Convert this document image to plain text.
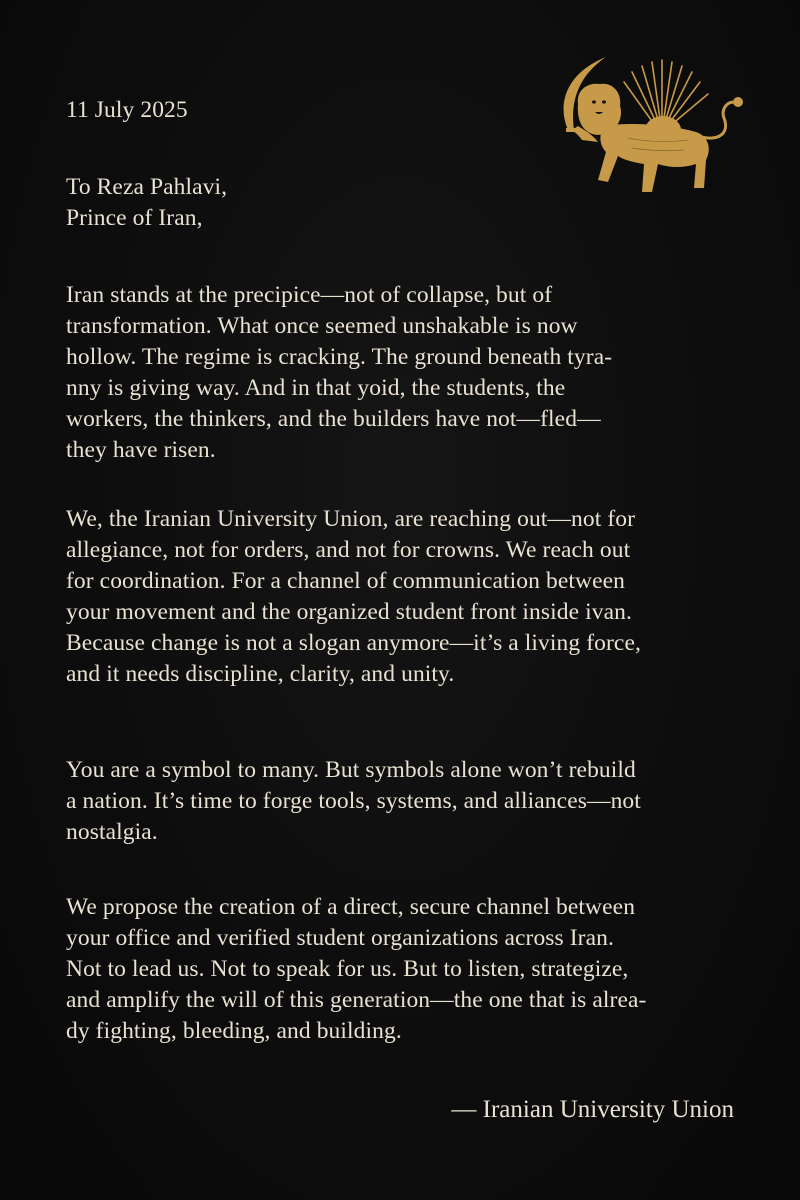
11 July 2025

To Reza Pahlavi,
Prince of Iran,

Iran stands at the precipice—not of collapse, but of
transformation. What once seemed unshakable is now
hollow. The regime is cracking. The ground beneath tyra-
nny is giving way. And in that yoid, the students, the
workers, the thinkers, and the builders have not—fled—
they have risen.

We, the Iranian University Union, are reaching out—not for
allegiance, not for orders, and not for crowns. We reach out
for coordination. For a channel of communication between
your movement and the organized student front inside ivan.
Because change is not a slogan anymore—it’s a living force,
and it needs discipline, clarity, and unity.

You are a symbol to many. But symbols alone won’t rebuild
a nation. It’s time to forge tools, systems, and alliances—not
nostalgia.

We propose the creation of a direct, secure channel between
your office and verified student organizations across Iran.
Not to lead us. Not to speak for us. But to listen, strategize,
and amplify the will of this generation—the one that is alrea-
dy fighting, bleeding, and building.

— Iranian University Union
